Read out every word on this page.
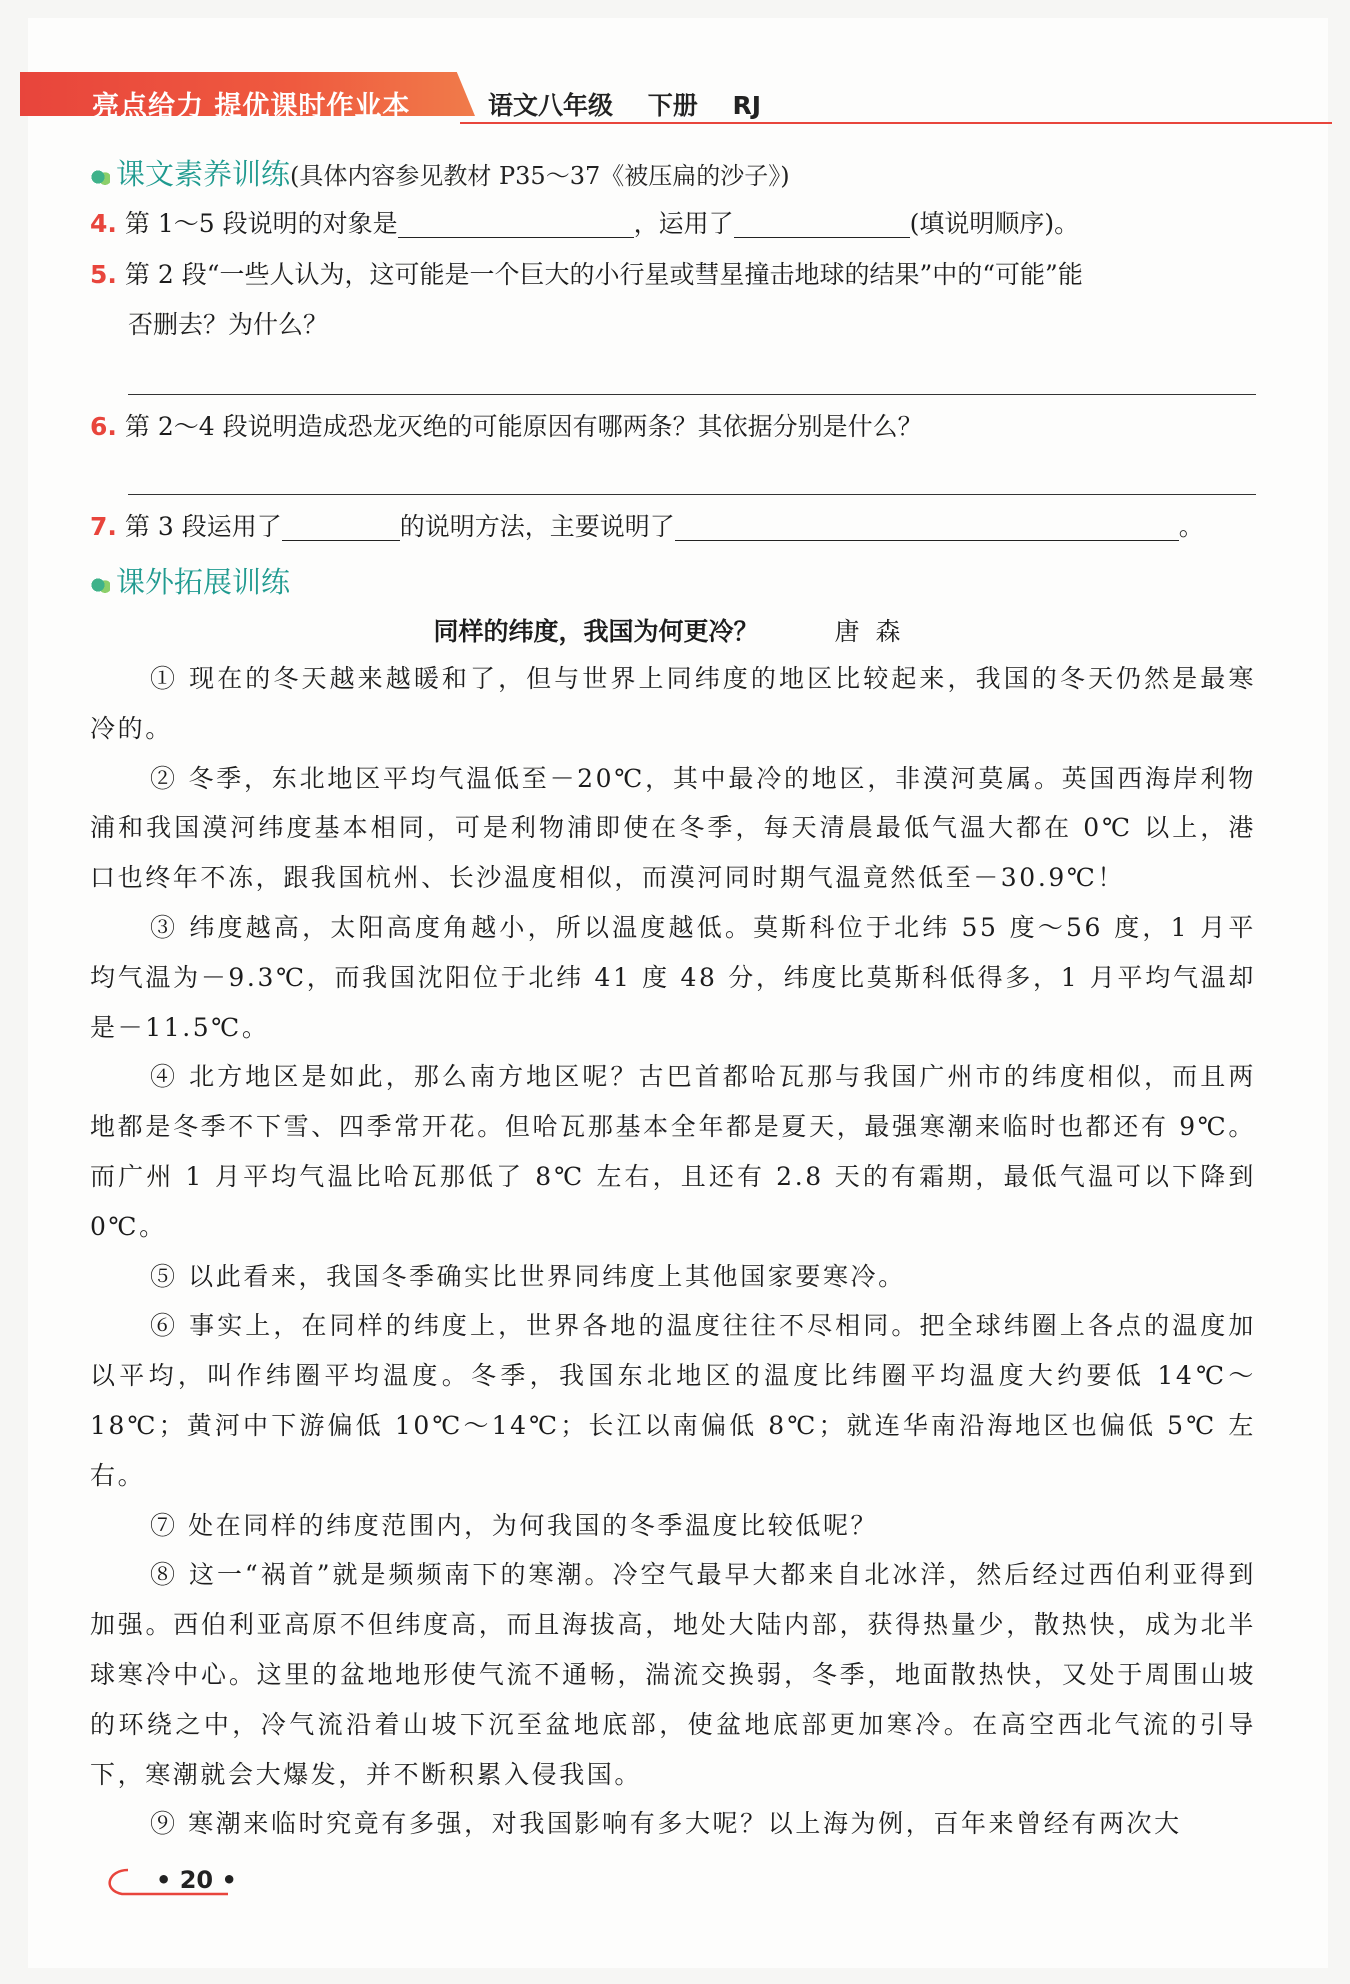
亮点给力 提优课时作业本	语文八年级 下册 RJ
课文素养训练(具体内容参见教材 P35～37《被压扁的沙子》)
4. 第 1～5 段说明的对象是	，运用了	(填说明顺序)。
5. 第 2 段“一些人认为，这可能是一个巨大的小行星或彗星撞击地球的结果”中的“可能”能
否删去？为什么？
6. 第 2～4 段说明造成恐龙灭绝的可能原因有哪两条？其依据分别是什么？
7. 第 3 段运用了	的说明方法，主要说明了	。
课外拓展训练
同样的纬度，我国为何更冷？	唐森

① 现在的冬天越来越暖和了，但与世界上同纬度的地区比较起来，我国的冬天仍然是最寒冷的。

② 冬季，东北地区平均气温低至－20℃，其中最冷的地区，非漠河莫属。英国西海岸利物浦和我国漠河纬度基本相同，可是利物浦即使在冬季，每天清晨最低气温大都在 0℃ 以上，港口也终年不冻，跟我国杭州、长沙温度相似，而漠河同时期气温竟然低至－30.9℃！

③ 纬度越高，太阳高度角越小，所以温度越低。莫斯科位于北纬 55 度～56 度，1 月平均气温为－9.3℃，而我国沈阳位于北纬 41 度 48 分，纬度比莫斯科低得多，1 月平均气温却是－11.5℃。

④ 北方地区是如此，那么南方地区呢？古巴首都哈瓦那与我国广州市的纬度相似，而且两地都是冬季不下雪、四季常开花。但哈瓦那基本全年都是夏天，最强寒潮来临时也都还有 9℃。而广州 1 月平均气温比哈瓦那低了 8℃ 左右，且还有 2.8 天的有霜期，最低气温可以下降到 0℃。

⑤ 以此看来，我国冬季确实比世界同纬度上其他国家要寒冷。

⑥ 事实上，在同样的纬度上，世界各地的温度往往不尽相同。把全球纬圈上各点的温度加以平均，叫作纬圈平均温度。冬季，我国东北地区的温度比纬圈平均温度大约要低 14℃～18℃；黄河中下游偏低 10℃～14℃；长江以南偏低 8℃；就连华南沿海地区也偏低 5℃ 左右。

⑦ 处在同样的纬度范围内，为何我国的冬季温度比较低呢？

⑧ 这一“祸首”就是频频南下的寒潮。冷空气最早大都来自北冰洋，然后经过西伯利亚得到加强。西伯利亚高原不但纬度高，而且海拔高，地处大陆内部，获得热量少，散热快，成为北半球寒冷中心。这里的盆地地形使气流不通畅，湍流交换弱，冬季，地面散热快，又处于周围山坡的环绕之中，冷气流沿着山坡下沉至盆地底部，使盆地底部更加寒冷。在高空西北气流的引导下，寒潮就会大爆发，并不断积累入侵我国。

⑨ 寒潮来临时究竟有多强，对我国影响有多大呢？以上海为例，百年来曾经有两次大

• 20 •
